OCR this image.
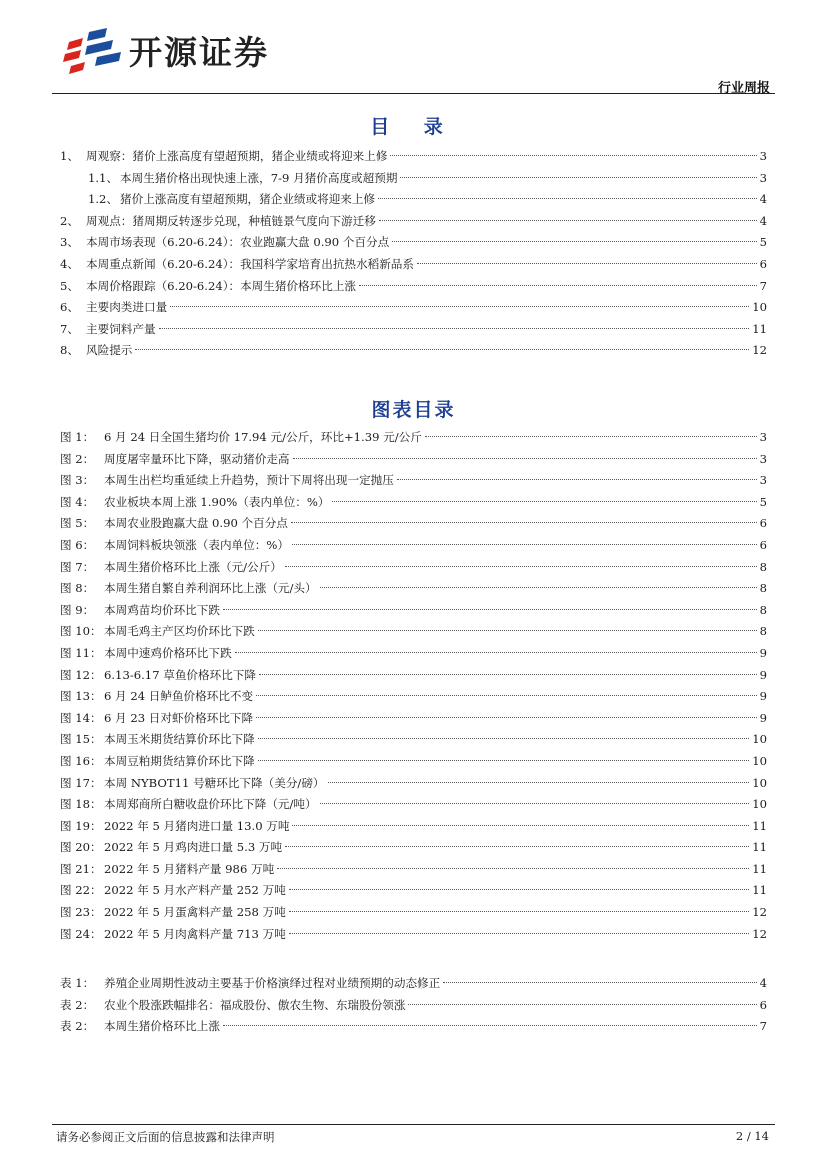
开源证券
行业周报
目 录
1、 周观察：猪价上涨高度有望超预期，猪企业绩或将迎来上修	3
1.1、 本周生猪价格出现快速上涨，7-9 月猪价高度或超预期	3
1.2、 猪价上涨高度有望超预期，猪企业绩或将迎来上修	4
2、 周观点：猪周期反转逐步兑现，种植链景气度向下游迁移	4
3、 本周市场表现（6.20-6.24）：农业跑赢大盘 0.90 个百分点	5
4、 本周重点新闻（6.20-6.24）：我国科学家培育出抗热水稻新品系	6
5、 本周价格跟踪（6.20-6.24）：本周生猪价格环比上涨	7
6、 主要肉类进口量	10
7、 主要饲料产量	11
8、 风险提示	12
图表目录
图 1： 6 月 24 日全国生猪均价 17.94 元/公斤，环比+1.39 元/公斤	3
图 2： 周度屠宰量环比下降，驱动猪价走高	3
图 3： 本周生出栏均重延续上升趋势，预计下周将出现一定抛压	3
图 4： 农业板块本周上涨 1.90%（表内单位：%）	5
图 5： 本周农业股跑赢大盘 0.90 个百分点	6
图 6： 本周饲料板块领涨（表内单位：%）	6
图 7： 本周生猪价格环比上涨（元/公斤）	8
图 8： 本周生猪自繁自养利润环比上涨（元/头）	8
图 9： 本周鸡苗均价环比下跌	8
图 10： 本周毛鸡主产区均价环比下跌	8
图 11： 本周中速鸡价格环比下跌	9
图 12： 6.13-6.17 草鱼价格环比下降	9
图 13： 6 月 24 日鲈鱼价格环比不变	9
图 14： 6 月 23 日对虾价格环比下降	9
图 15： 本周玉米期货结算价环比下降	10
图 16： 本周豆粕期货结算价环比下降	10
图 17： 本周 NYBOT11 号糖环比下降（美分/磅）	10
图 18： 本周郑商所白糖收盘价环比下降（元/吨）	10
图 19： 2022 年 5 月猪肉进口量 13.0 万吨	11
图 20： 2022 年 5 月鸡肉进口量 5.3 万吨	11
图 21： 2022 年 5 月猪料产量 986 万吨	11
图 22： 2022 年 5 月水产料产量 252 万吨	11
图 23： 2022 年 5 月蛋禽料产量 258 万吨	12
图 24： 2022 年 5 月肉禽料产量 713 万吨	12
表 1： 养殖企业周期性波动主要基于价格演绎过程对业绩预期的动态修正	4
表 2： 农业个股涨跌幅排名：福成股份、傲农生物、东瑞股份领涨	6
表 2： 本周生猪价格环比上涨	7
请务必参阅正文后面的信息披露和法律声明	2 / 14
